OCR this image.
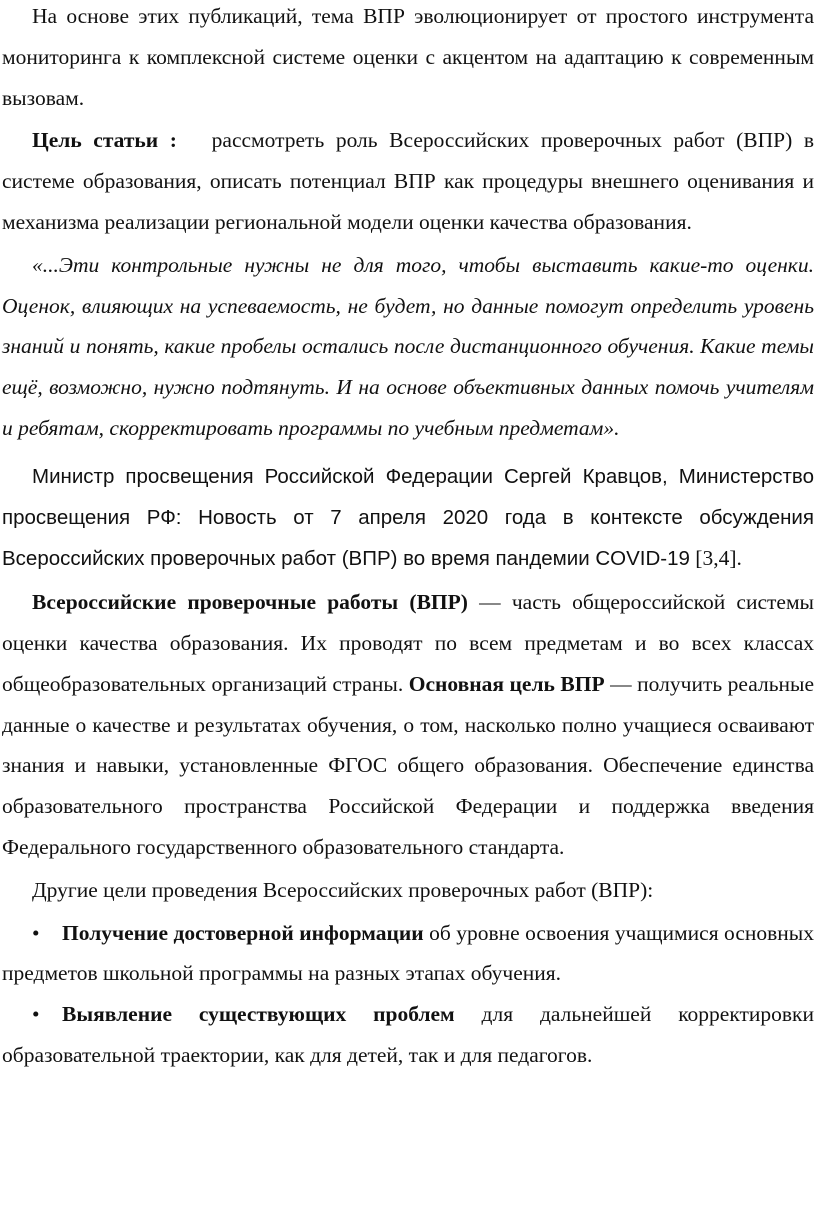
На основе этих публикаций, тема ВПР эволюционирует от простого инструмента мониторинга к комплексной системе оценки с акцентом на адаптацию к современным вызовам.

Цель статьи : рассмотреть роль Всероссийских проверочных работ (ВПР) в системе образования, описать потенциал ВПР как процедуры внешнего оценивания и механизма реализации региональной модели оценки качества образования.

«...Эти контрольные нужны не для того, чтобы выставить какие-то оценки. Оценок, влияющих на успеваемость, не будет, но данные помогут определить уровень знаний и понять, какие пробелы остались после дистанционного обучения. Какие темы ещё, возможно, нужно подтянуть. И на основе объективных данных помочь учителям и ребятам, скорректировать программы по учебным предметам».

Министр просвещения Российской Федерации Сергей Кравцов, Министерство просвещения РФ: Новость от 7 апреля 2020 года в контексте обсуждения Всероссийских проверочных работ (ВПР) во время пандемии COVID-19 [3,4].

Всероссийские проверочные работы (ВПР) — часть общероссийской системы оценки качества образования. Их проводят по всем предметам и во всех классах общеобразовательных организаций страны. Основная цель ВПР — получить реальные данные о качестве и результатах обучения, о том, насколько полно учащиеся осваивают знания и навыки, установленные ФГОС общего образования. Обеспечение единства образовательного пространства Российской Федерации и поддержка введения Федерального государственного образовательного стандарта.

Другие цели проведения Всероссийских проверочных работ (ВПР):

• Получение достоверной информации об уровне освоения учащимися основных предметов школьной программы на разных этапах обучения.
• Выявление существующих проблем для дальнейшей корректировки образовательной траектории, как для детей, так и для педагогов.
